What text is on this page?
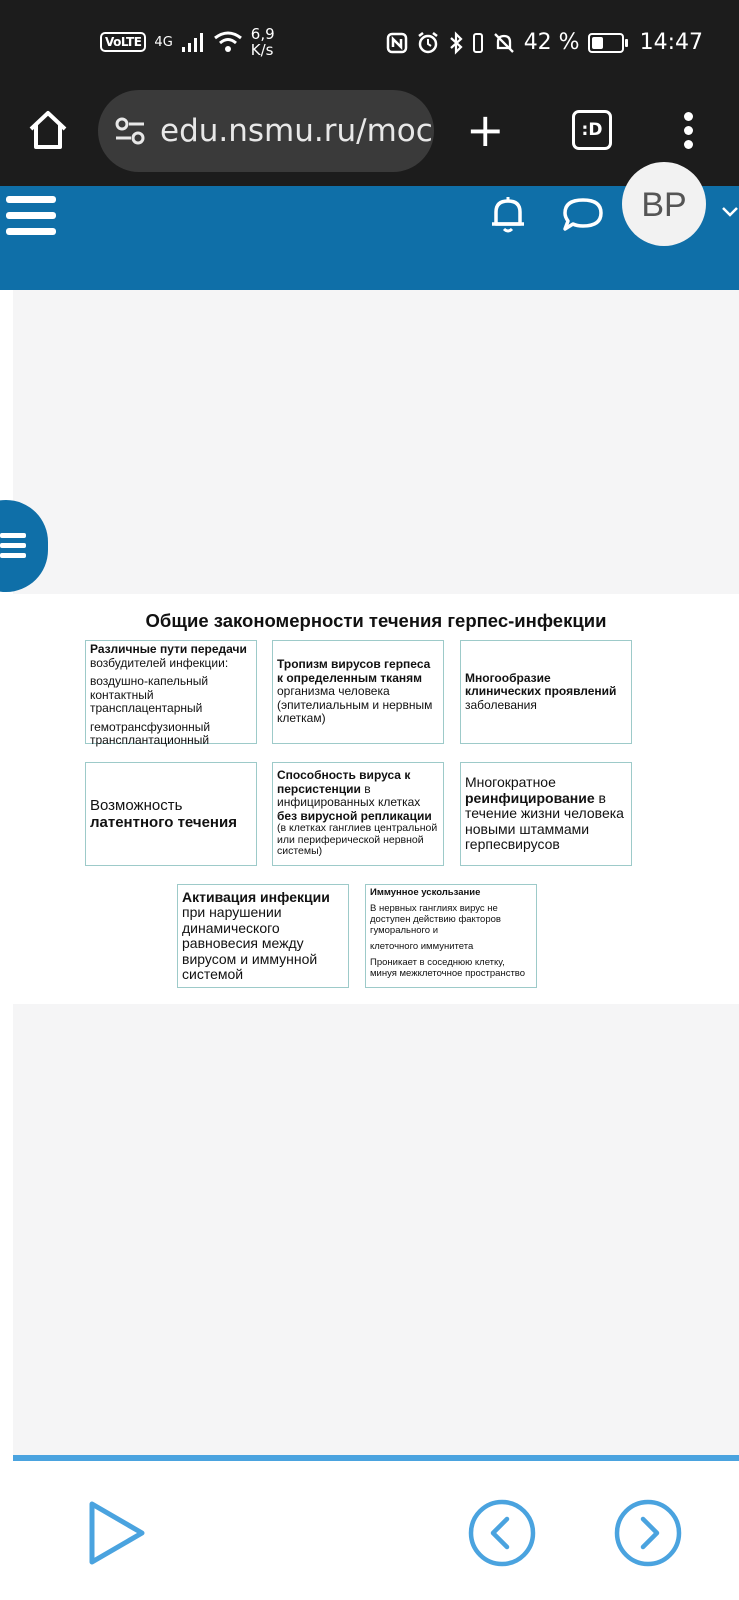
VoLTE	4G	6,9
K/s	42 %	14:47
edu.nsmu.ru/moc +	:D
ВР
Общие закономерности течения герпес-инфекции

Различные пути передачи

возбудителей инфекции:

воздушно-капельный

контактный

трансплацентарный

гемотрансфузионный

трансплантационный

Тропизм вирусов герпеса к определенным тканям организма человека (эпителиальным и нервным клеткам)

Многообразие клинических проявлений заболевания

Возможность

латентного течения

Способность вируса к персистенции в инфицированных клетках

без вирусной репликации

(в клетках ганглиев центральной или периферической нервной системы)

Многократное реинфицирование в течение жизни человека новыми штаммами герпесвирусов

Активация инфекции при нарушении динамического равновесия между вирусом и иммунной системой

Иммунное ускользание

В нервных ганглиях вирус не доступен действию факторов гуморального и

клеточного иммунитета

Проникает в соседнюю клетку, минуя межклеточное пространство
